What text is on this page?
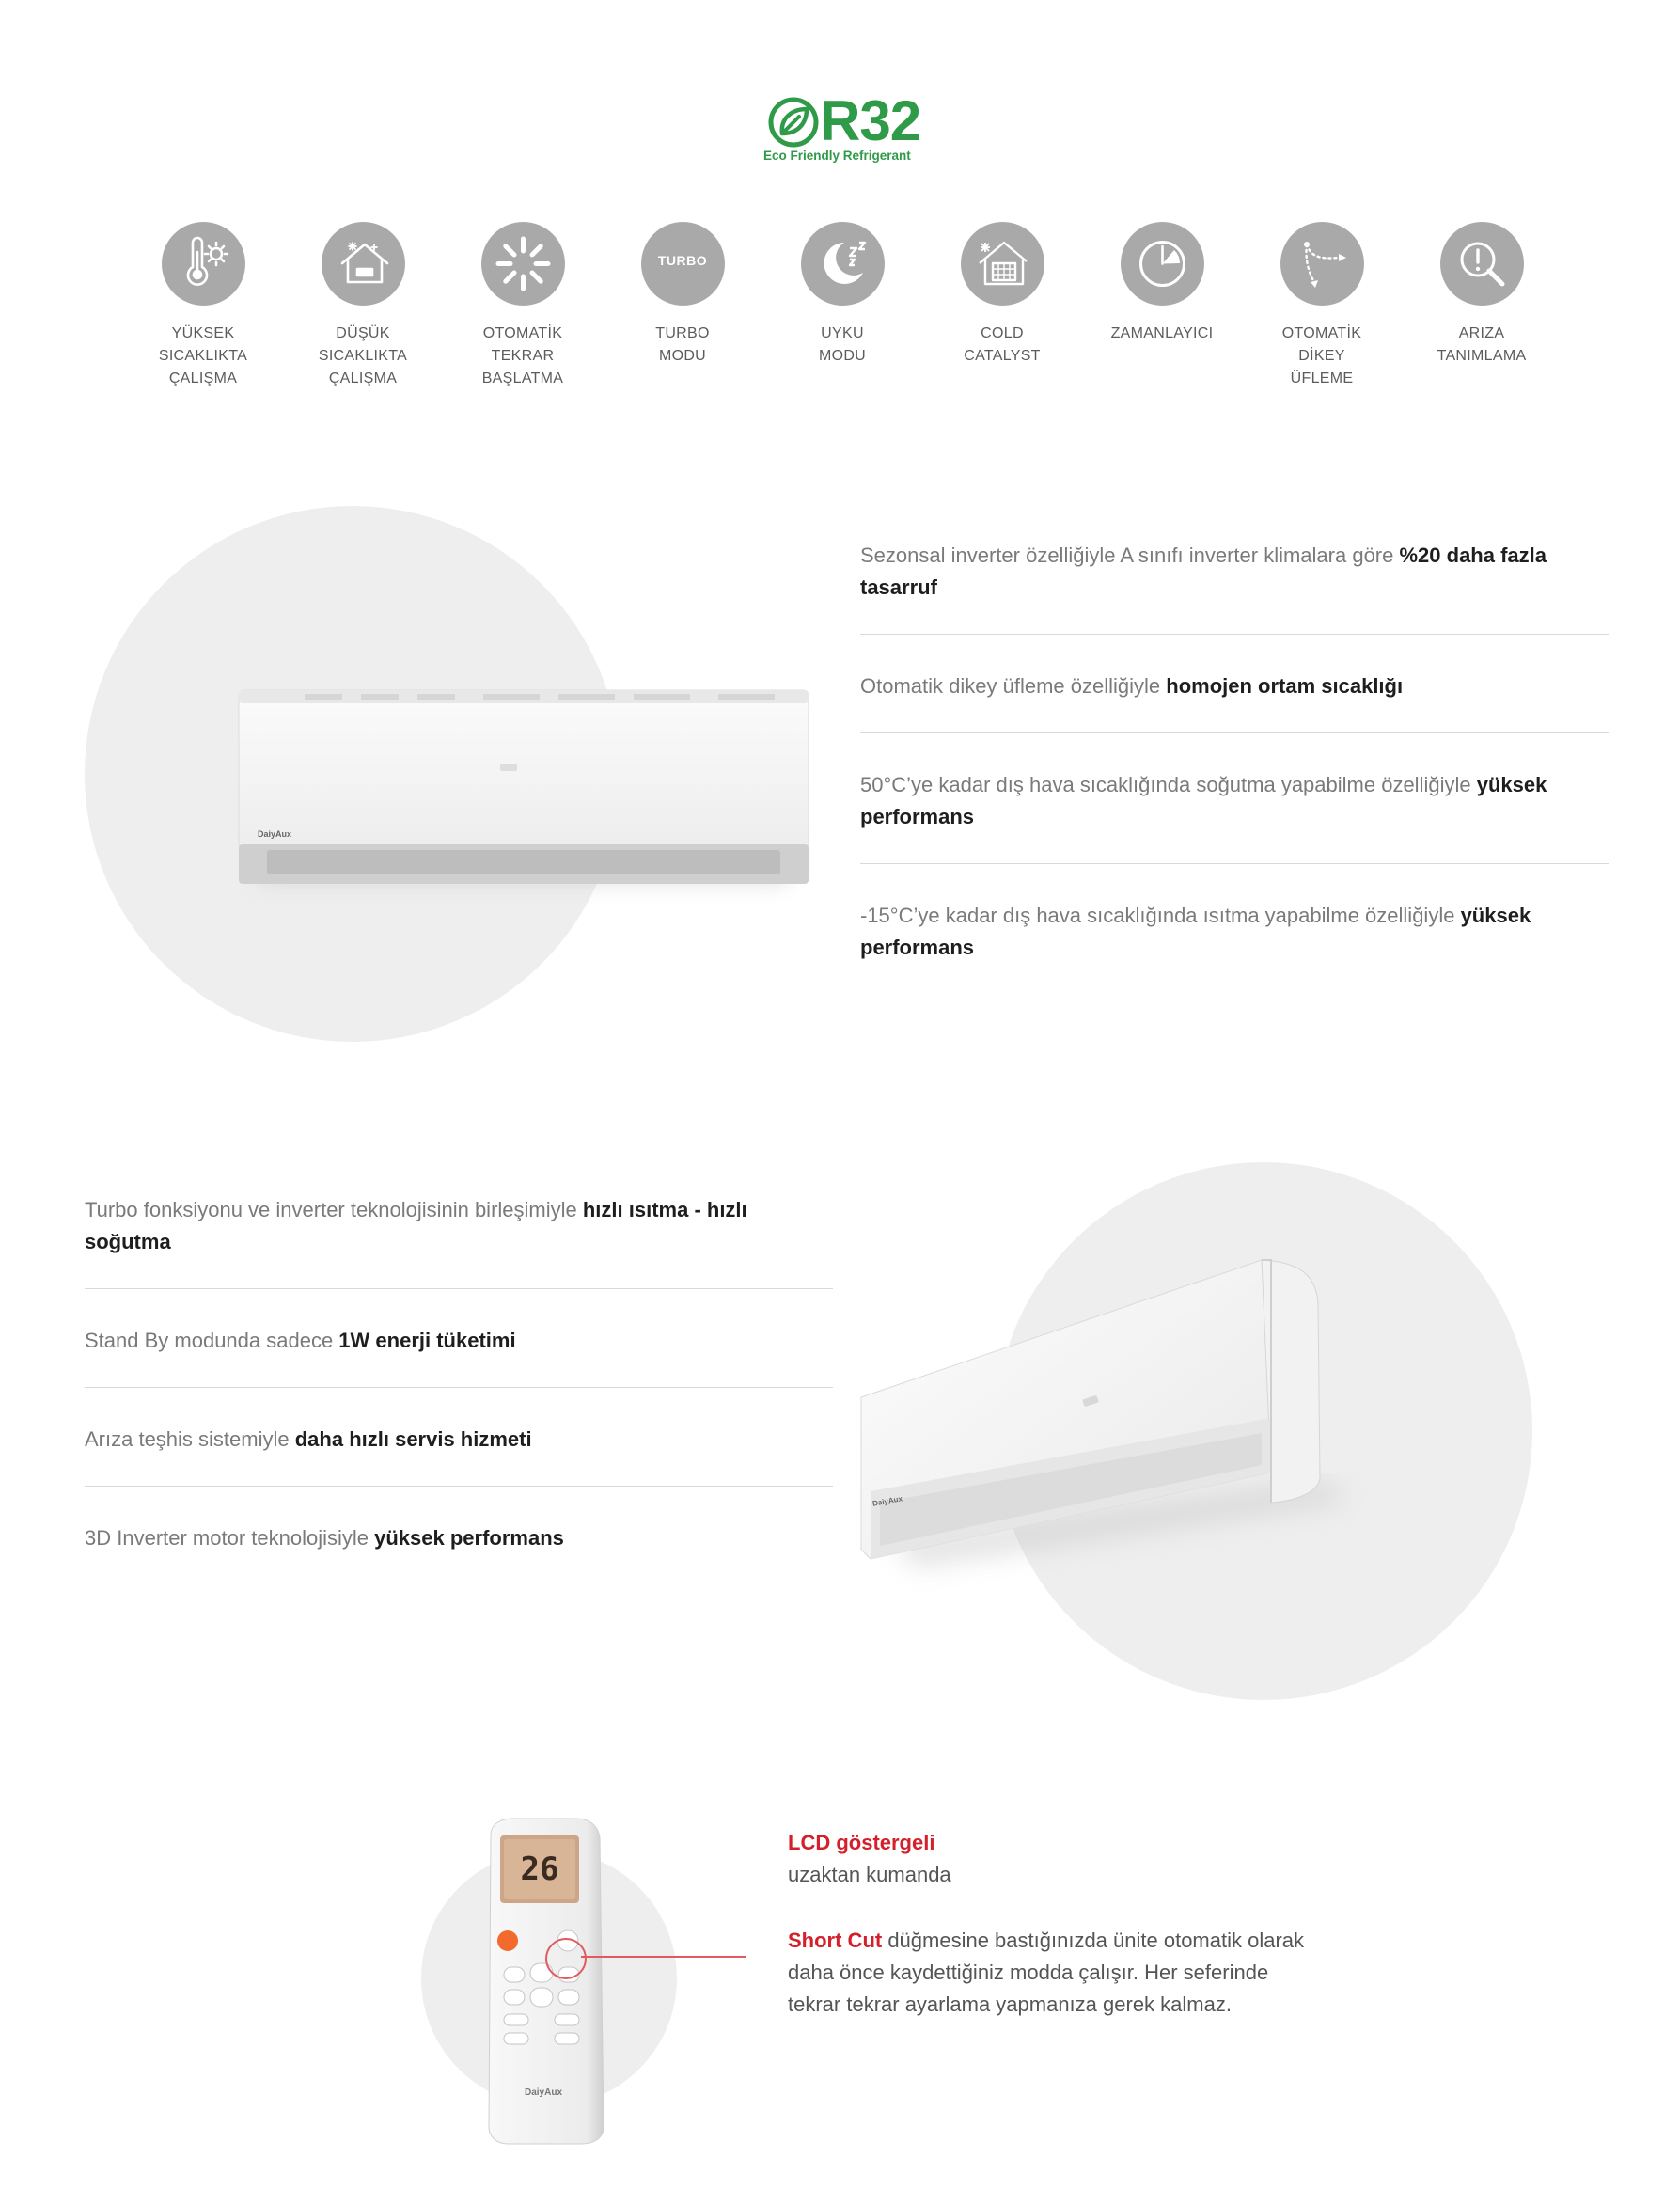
R32
Eco Friendly Refrigerant
YÜKSEK
SICAKLIKTA
ÇALIŞMA
DÜŞÜK
SICAKLIKTA
ÇALIŞMA
OTOMATİK
TEKRAR
BAŞLATMA
TURBO
TURBO
MODU
UYKU
MODU
COLD
CATALYST
ZAMANLAYICI	OTOMATİK
DİKEY
ÜFLEME
ARIZA
TANIMLAMA
DaiyAux
Sezonsal inverter özelliğiyle A sınıfı inverter klimalara göre %20 daha fazla tasarruf
Otomatik dikey üfleme özelliğiyle homojen ortam sıcaklığı
50°C’ye kadar dış hava sıcaklığında soğutma yapabilme özelliğiyle yüksek performans
-15°C’ye kadar dış hava sıcaklığında ısıtma yapabilme özelliğiyle yüksek performans
Turbo fonksiyonu ve inverter teknolojisinin birleşimiyle hızlı ısıtma - hızlı soğutma
Stand By modunda sadece 1W enerji tüketimi
Arıza teşhis sistemiyle daha hızlı servis hizmeti
3D Inverter motor teknolojisiyle yüksek performans
DaiyAux
26
DaiyAux

LCD göstergeli

uzaktan kumanda

Short Cut düğmesine bastığınızda ünite otomatik olarak daha önce kaydettiğiniz modda çalışır. Her seferinde tekrar tekrar ayarlama yapmanıza gerek kalmaz.
